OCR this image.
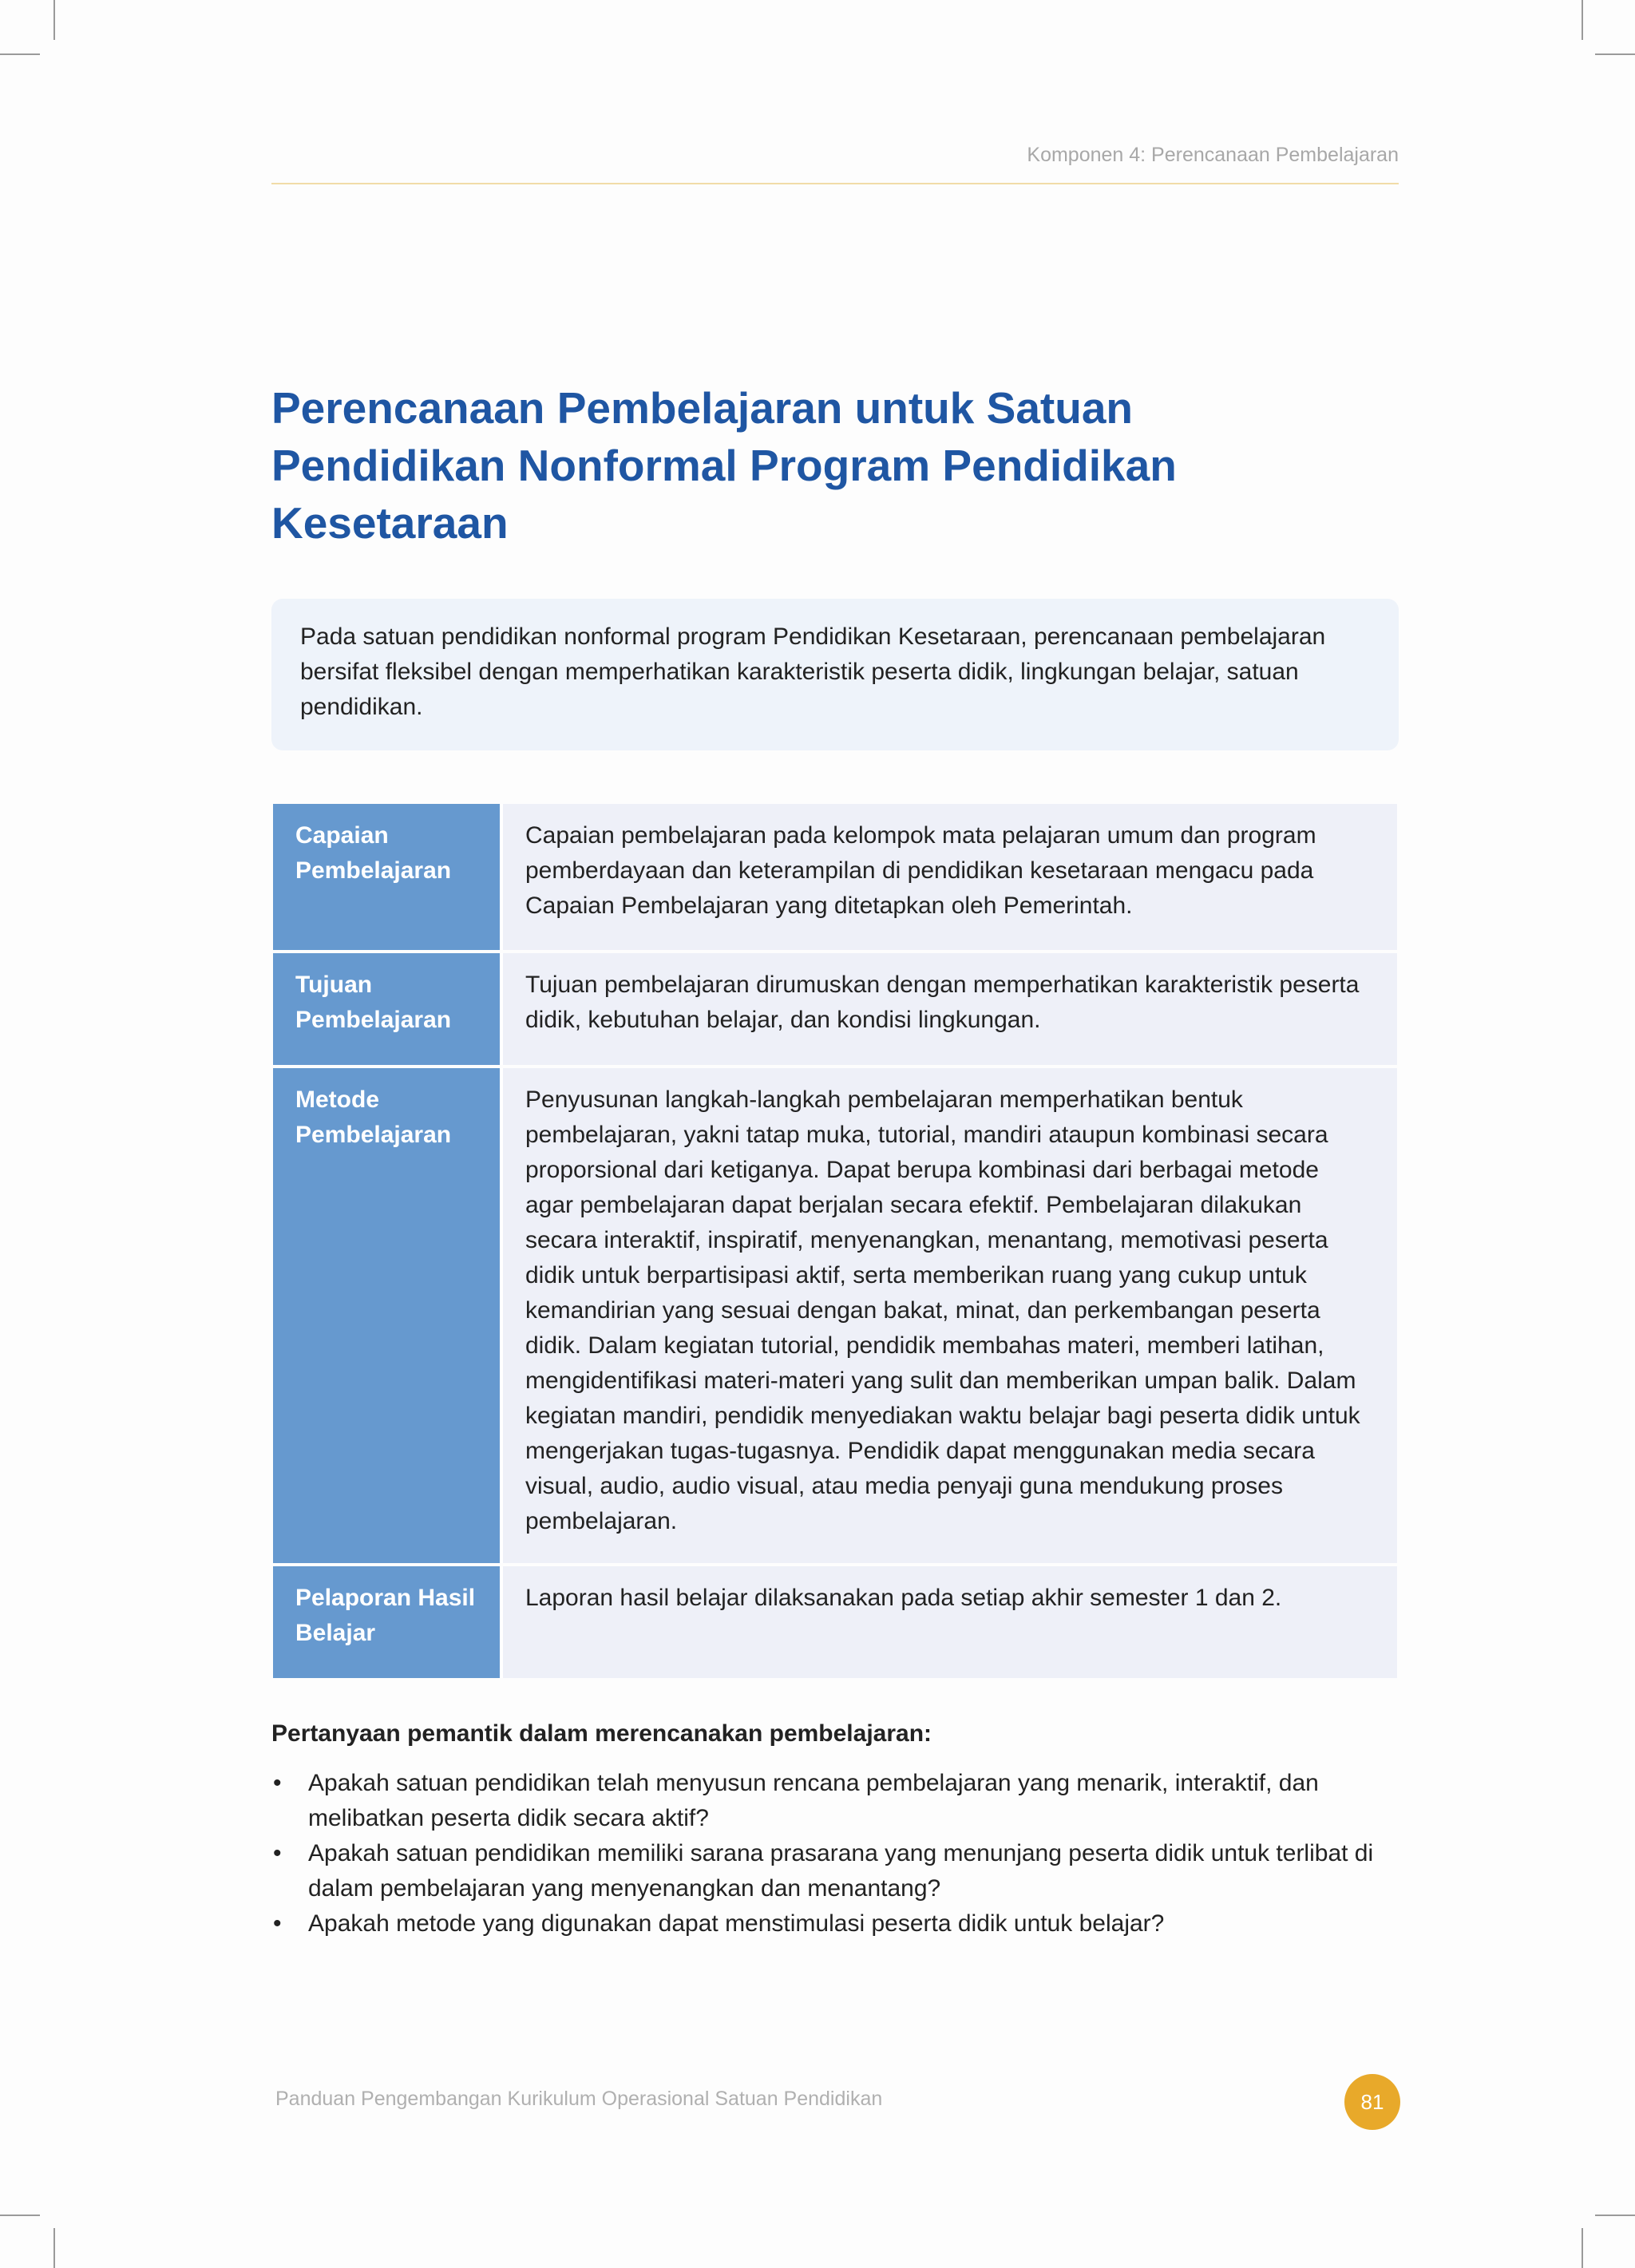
Komponen 4: Perencanaan Pembelajaran
Perencanaan Pembelajaran untuk Satuan Pendidikan Nonformal Program Pendidikan Kesetaraan

Pada satuan pendidikan nonformal program Pendidikan Kesetaraan, perencanaan pembelajaran bersifat fleksibel dengan memperhatikan karakteristik peserta didik, lingkungan belajar, satuan pendidikan.

Capaian Pembelajaran	Capaian pembelajaran pada kelompok mata pelajaran umum dan program pemberdayaan dan keterampilan di pendidikan kesetaraan mengacu pada Capaian Pembelajaran yang ditetapkan oleh Pemerintah.
Tujuan Pembelajaran	Tujuan pembelajaran dirumuskan dengan memperhatikan karakteristik peserta didik, kebutuhan belajar, dan kondisi lingkungan.
Metode Pembelajaran	Penyusunan langkah-langkah pembelajaran memperhatikan bentuk pembelajaran, yakni tatap muka, tutorial, mandiri ataupun kombinasi secara proporsional dari ketiganya. Dapat berupa kombinasi dari berbagai metode agar pembelajaran dapat berjalan secara efektif. Pembelajaran dilakukan secara interaktif, inspiratif, menyenangkan, menantang, memotivasi peserta didik untuk berpartisipasi aktif, serta memberikan ruang yang cukup untuk kemandirian yang sesuai dengan bakat, minat, dan perkembangan peserta didik. Dalam kegiatan tutorial, pendidik membahas materi, memberi latihan, mengidentifikasi materi-materi yang sulit dan memberikan umpan balik. Dalam kegiatan mandiri, pendidik menyediakan waktu belajar bagi peserta didik untuk mengerjakan tugas-tugasnya. Pendidik dapat menggunakan media secara visual, audio, audio visual, atau media penyaji guna mendukung proses pembelajaran.
Pelaporan Hasil Belajar	Laporan hasil belajar dilaksanakan pada setiap akhir semester 1 dan 2.

Pertanyaan pemantik dalam merencanakan pembelajaran:

• Apakah satuan pendidikan telah menyusun rencana pembelajaran yang menarik, interaktif, dan melibatkan peserta didik secara aktif?
• Apakah satuan pendidikan memiliki sarana prasarana yang menunjang peserta didik untuk terlibat di dalam pembelajaran yang menyenangkan dan menantang?
• Apakah metode yang digunakan dapat menstimulasi peserta didik untuk belajar?
Panduan Pengembangan Kurikulum Operasional Satuan Pendidikan	81
